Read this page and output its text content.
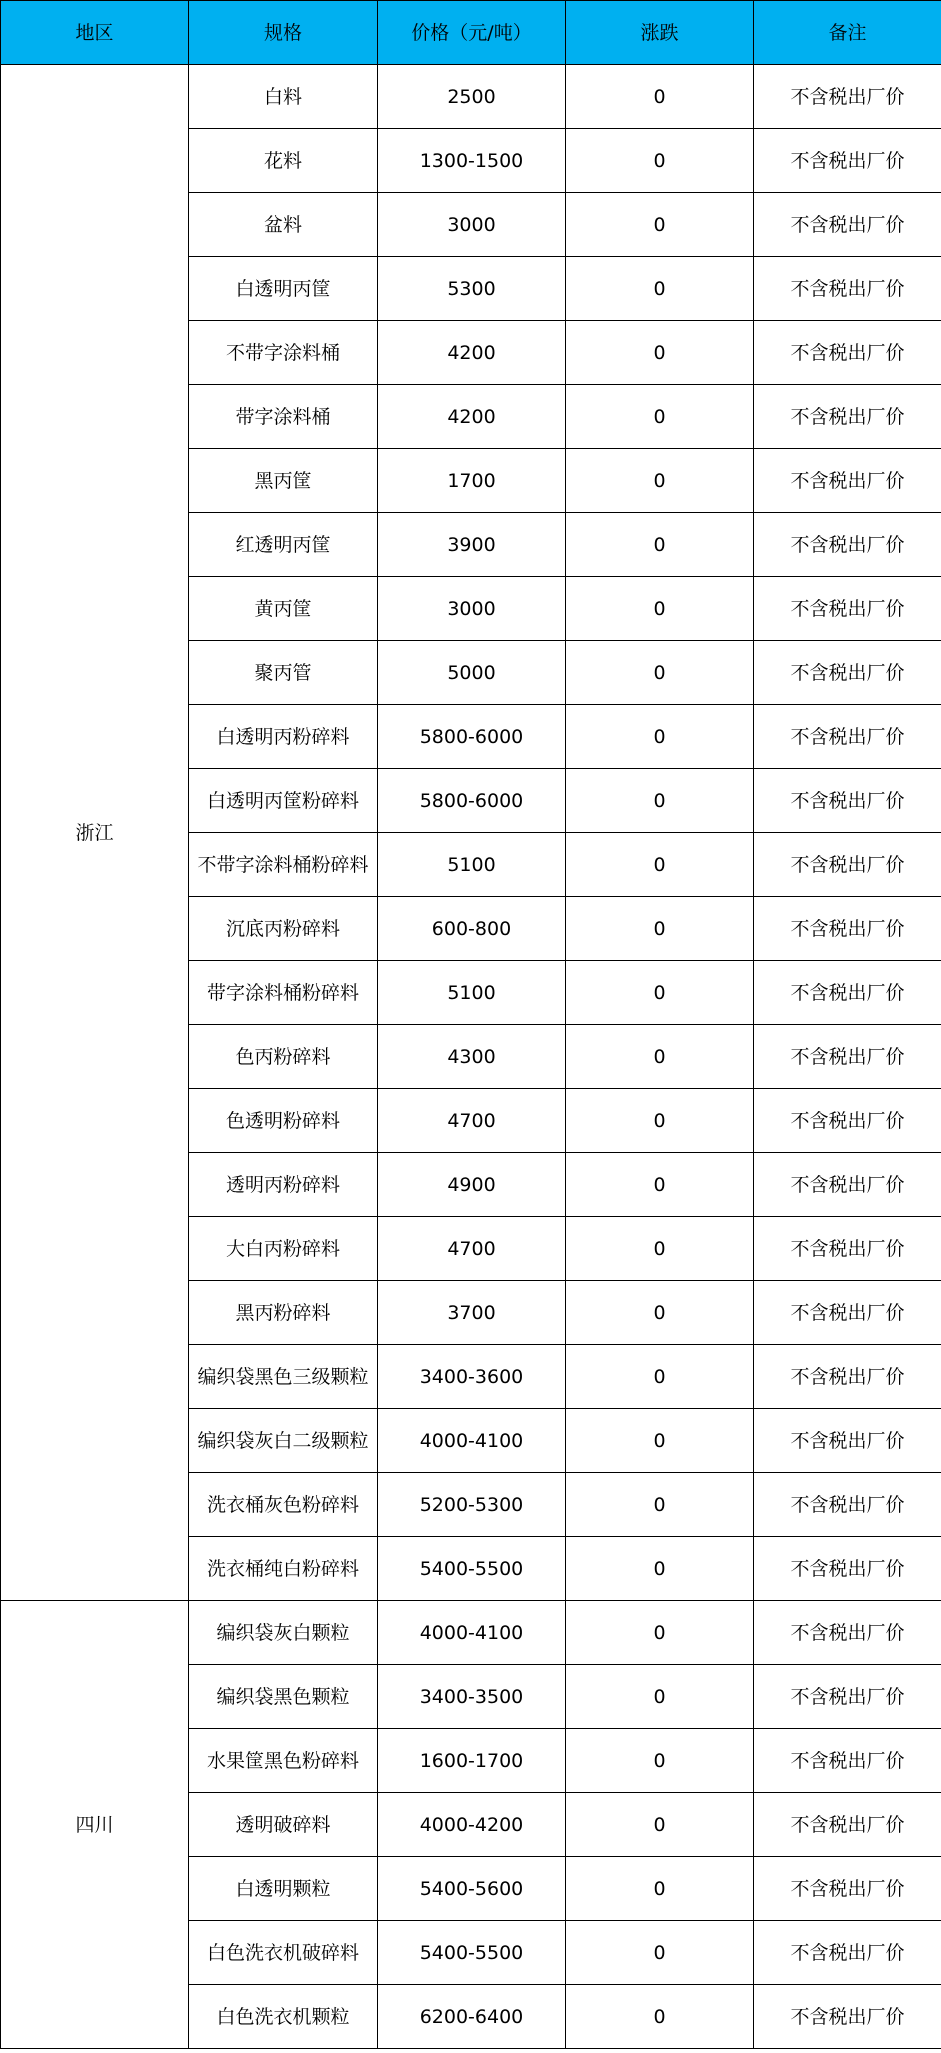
地区	规格	价格（元/吨）	涨跌	备注
浙江	白料	2500	0	不含税出厂价
	花料	1300-1500	0	不含税出厂价
	盆料	3000	0	不含税出厂价
	白透明丙筐	5300	0	不含税出厂价
	不带字涂料桶	4200	0	不含税出厂价
	带字涂料桶	4200	0	不含税出厂价
	黑丙筐	1700	0	不含税出厂价
	红透明丙筐	3900	0	不含税出厂价
	黄丙筐	3000	0	不含税出厂价
	聚丙管	5000	0	不含税出厂价
	白透明丙粉碎料	5800-6000	0	不含税出厂价
	白透明丙筐粉碎料	5800-6000	0	不含税出厂价
	不带字涂料桶粉碎料	5100	0	不含税出厂价
	沉底丙粉碎料	600-800	0	不含税出厂价
	带字涂料桶粉碎料	5100	0	不含税出厂价
	色丙粉碎料	4300	0	不含税出厂价
	色透明粉碎料	4700	0	不含税出厂价
	透明丙粉碎料	4900	0	不含税出厂价
	大白丙粉碎料	4700	0	不含税出厂价
	黑丙粉碎料	3700	0	不含税出厂价
	编织袋黑色三级颗粒	3400-3600	0	不含税出厂价
	编织袋灰白二级颗粒	4000-4100	0	不含税出厂价
	洗衣桶灰色粉碎料	5200-5300	0	不含税出厂价
	洗衣桶纯白粉碎料	5400-5500	0	不含税出厂价
四川	编织袋灰白颗粒	4000-4100	0	不含税出厂价
	编织袋黑色颗粒	3400-3500	0	不含税出厂价
	水果筐黑色粉碎料	1600-1700	0	不含税出厂价
	透明破碎料	4000-4200	0	不含税出厂价
	白透明颗粒	5400-5600	0	不含税出厂价
	白色洗衣机破碎料	5400-5500	0	不含税出厂价
	白色洗衣机颗粒	6200-6400	0	不含税出厂价
